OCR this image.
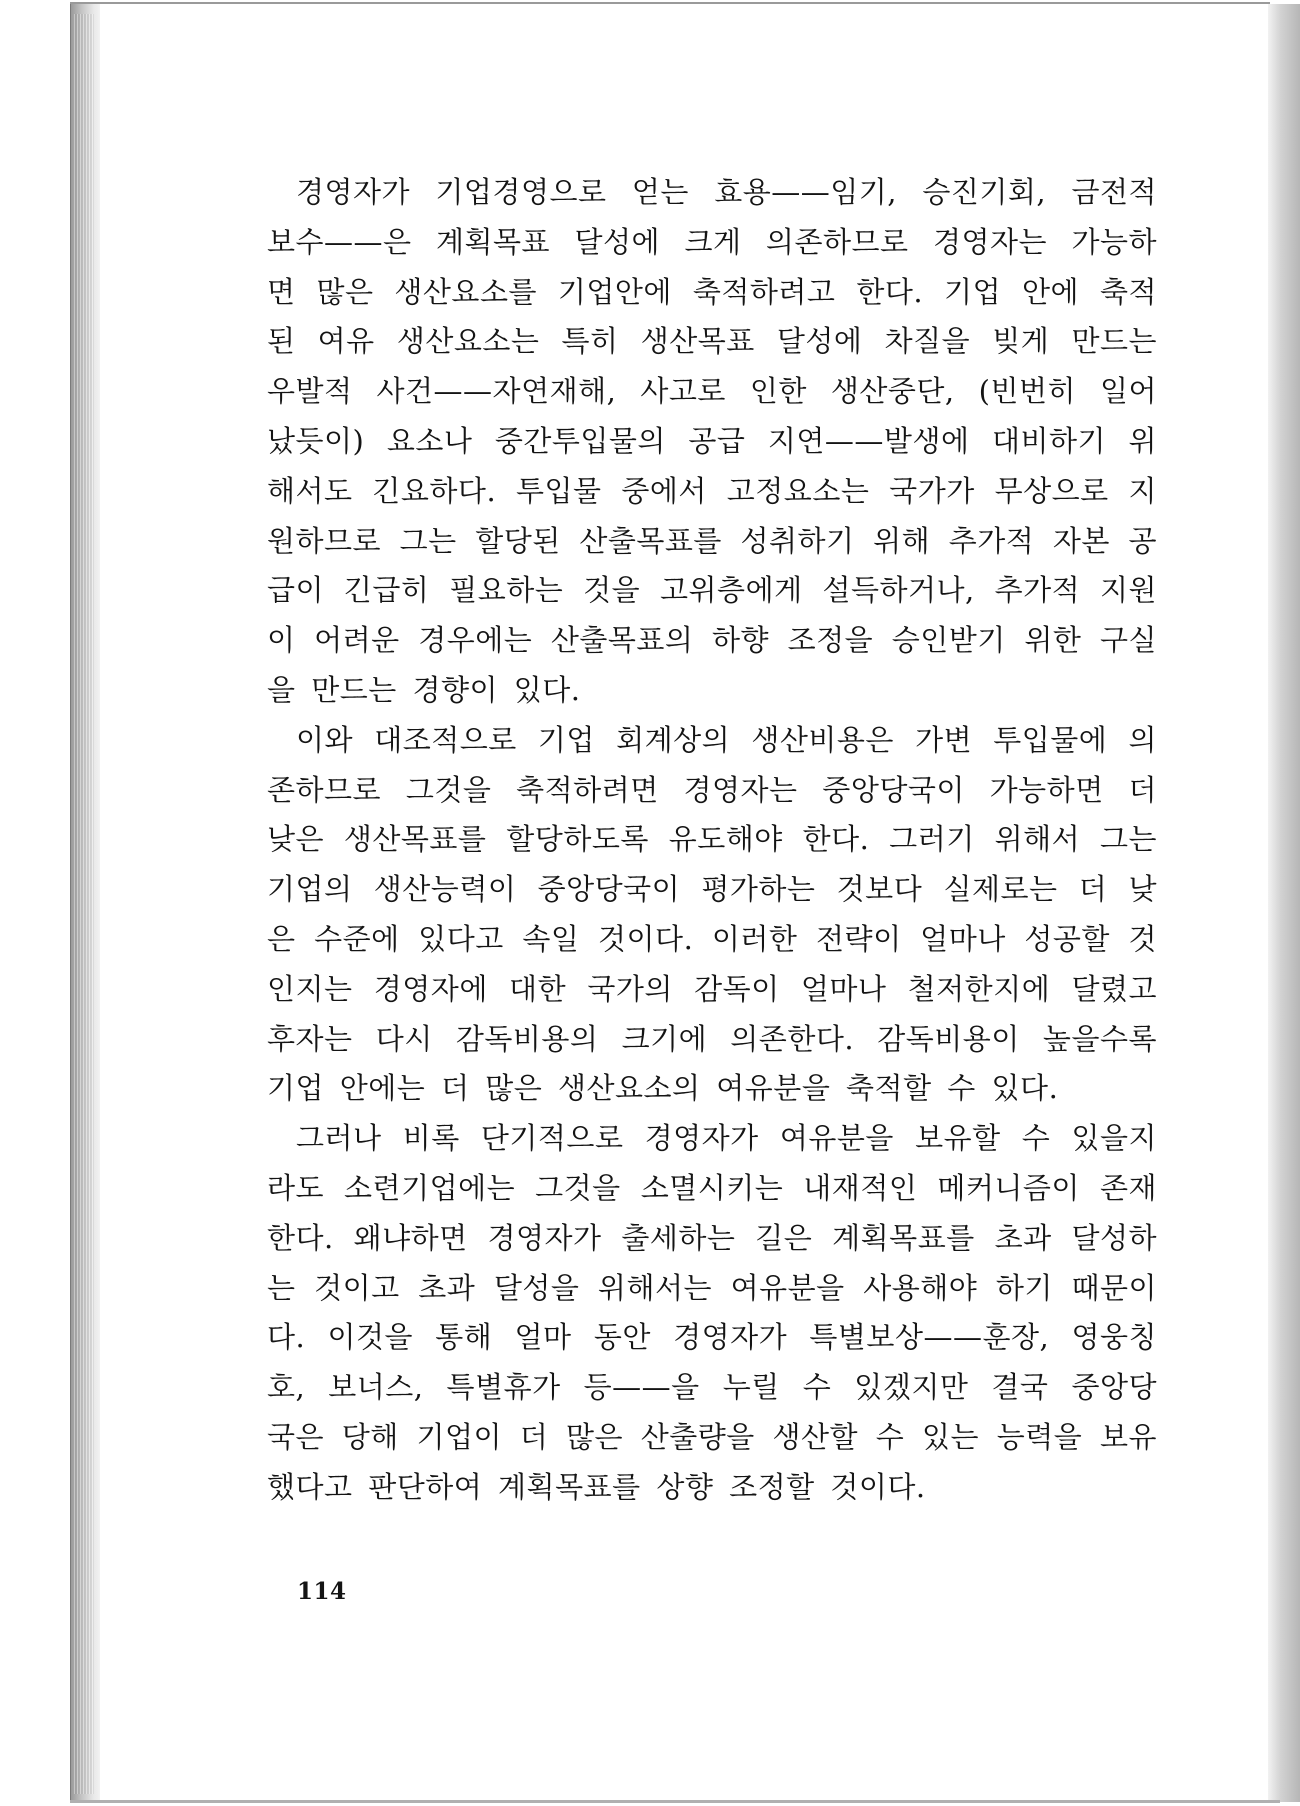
경영자가 기업경영으로 얻는 효용——임기, 승진기회, 금전적
보수——은 계획목표 달성에 크게 의존하므로 경영자는 가능하
면 많은 생산요소를 기업안에 축적하려고 한다. 기업 안에 축적
된 여유 생산요소는 특히 생산목표 달성에 차질을 빚게 만드는
우발적 사건——자연재해, 사고로 인한 생산중단, (빈번히 일어
났듯이) 요소나 중간투입물의 공급 지연——발생에 대비하기 위
해서도 긴요하다. 투입물 중에서 고정요소는 국가가 무상으로 지
원하므로 그는 할당된 산출목표를 성취하기 위해 추가적 자본 공
급이 긴급히 필요하는 것을 고위층에게 설득하거나, 추가적 지원
이 어려운 경우에는 산출목표의 하향 조정을 승인받기 위한 구실
을 만드는 경향이 있다.
이와 대조적으로 기업 회계상의 생산비용은 가변 투입물에 의
존하므로 그것을 축적하려면 경영자는 중앙당국이 가능하면 더
낮은 생산목표를 할당하도록 유도해야 한다. 그러기 위해서 그는
기업의 생산능력이 중앙당국이 평가하는 것보다 실제로는 더 낮
은 수준에 있다고 속일 것이다. 이러한 전략이 얼마나 성공할 것
인지는 경영자에 대한 국가의 감독이 얼마나 철저한지에 달렸고
후자는 다시 감독비용의 크기에 의존한다. 감독비용이 높을수록
기업 안에는 더 많은 생산요소의 여유분을 축적할 수 있다.
그러나 비록 단기적으로 경영자가 여유분을 보유할 수 있을지
라도 소련기업에는 그것을 소멸시키는 내재적인 메커니즘이 존재
한다. 왜냐하면 경영자가 출세하는 길은 계획목표를 초과 달성하
는 것이고 초과 달성을 위해서는 여유분을 사용해야 하기 때문이
다. 이것을 통해 얼마 동안 경영자가 특별보상——훈장, 영웅칭
호, 보너스, 특별휴가 등——을 누릴 수 있겠지만 결국 중앙당
국은 당해 기업이 더 많은 산출량을 생산할 수 있는 능력을 보유
했다고 판단하여 계획목표를 상향 조정할 것이다.
114
